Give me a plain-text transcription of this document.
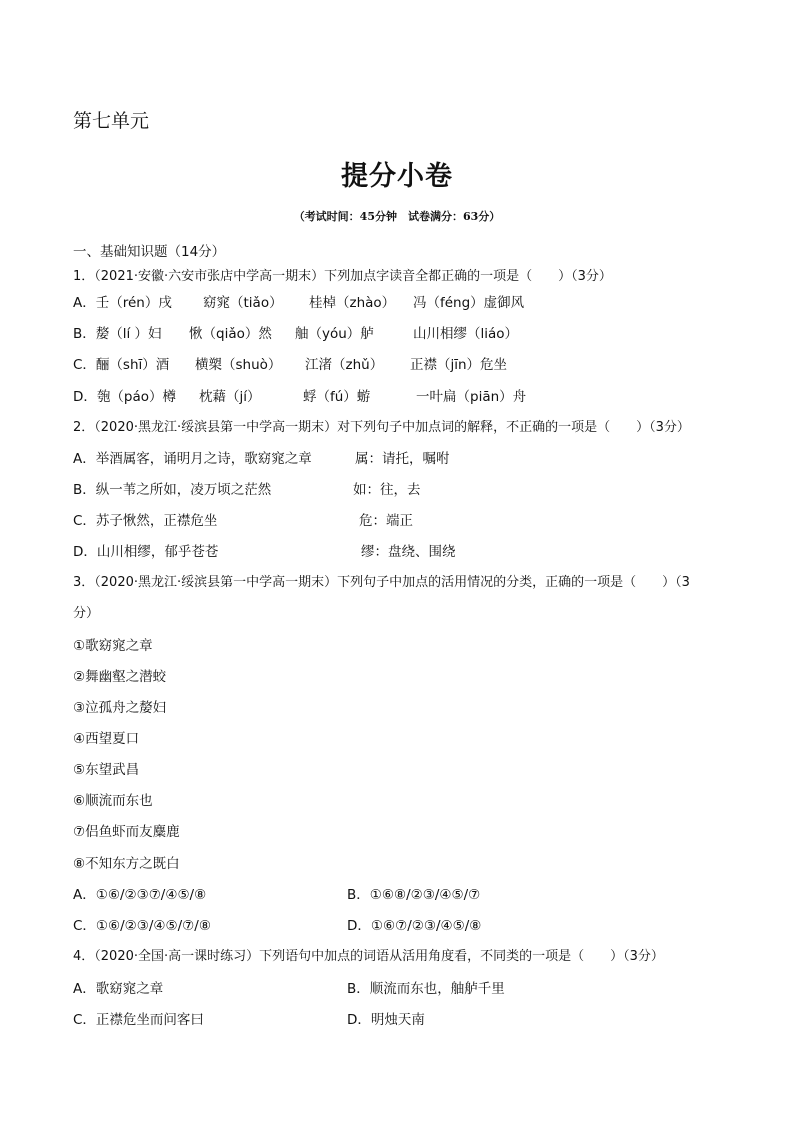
第七单元
提分小卷
（考试时间：45分钟　试卷满分：63分）
一、基础知识题（14分）
1．（2021·安徽·六安市张店中学高一期末）下列加点字读音全都正确的一项是（　　）（3分）
A．壬（rén）戌 窈窕（tiǎo） 桂棹（zhào） 冯（féng）虚御风
B．嫠（lí ）妇 愀（qiǎo）然 舳（yóu）舻	山川相缪（liáo）
C．酾（shī）酒 横槊（shuò） 江渚（zhǔ） 正襟（jīn）危坐
D．匏（páo）樽 枕藉（jí）	蜉（fú）蝣	一叶扁（piān）舟
2．（2020·黑龙江·绥滨县第一中学高一期末）对下列句子中加点词的解释，不正确的一项是（　　）（3分）
A．举酒属客，诵明月之诗，歌窈窕之章	属：请托，嘱咐
B．纵一苇之所如，凌万顷之茫然	如：往，去
C．苏子愀然，正襟危坐	危：端正
D．山川相缪，郁乎苍苍	缪：盘绕、围绕
3．（2020·黑龙江·绥滨县第一中学高一期末）下列句子中加点的活用情况的分类，正确的一项是（　　）（3
分）
①歌窈窕之章
②舞幽壑之潜蛟
③泣孤舟之嫠妇
④西望夏口
⑤东望武昌
⑥顺流而东也
⑦侣鱼虾而友麋鹿
⑧不知东方之既白
A．①⑥/②③⑦/④⑤/⑧	B．①⑥⑧/②③/④⑤/⑦
C．①⑥/②③/④⑤/⑦/⑧	D．①⑥⑦/②③/④⑤/⑧
4．（2020·全国·高一课时练习）下列语句中加点的词语从活用角度看，不同类的一项是（　　）（3分）
A．歌窈窕之章	B．顺流而东也，舳舻千里
C．正襟危坐而问客曰	D．明烛天南
